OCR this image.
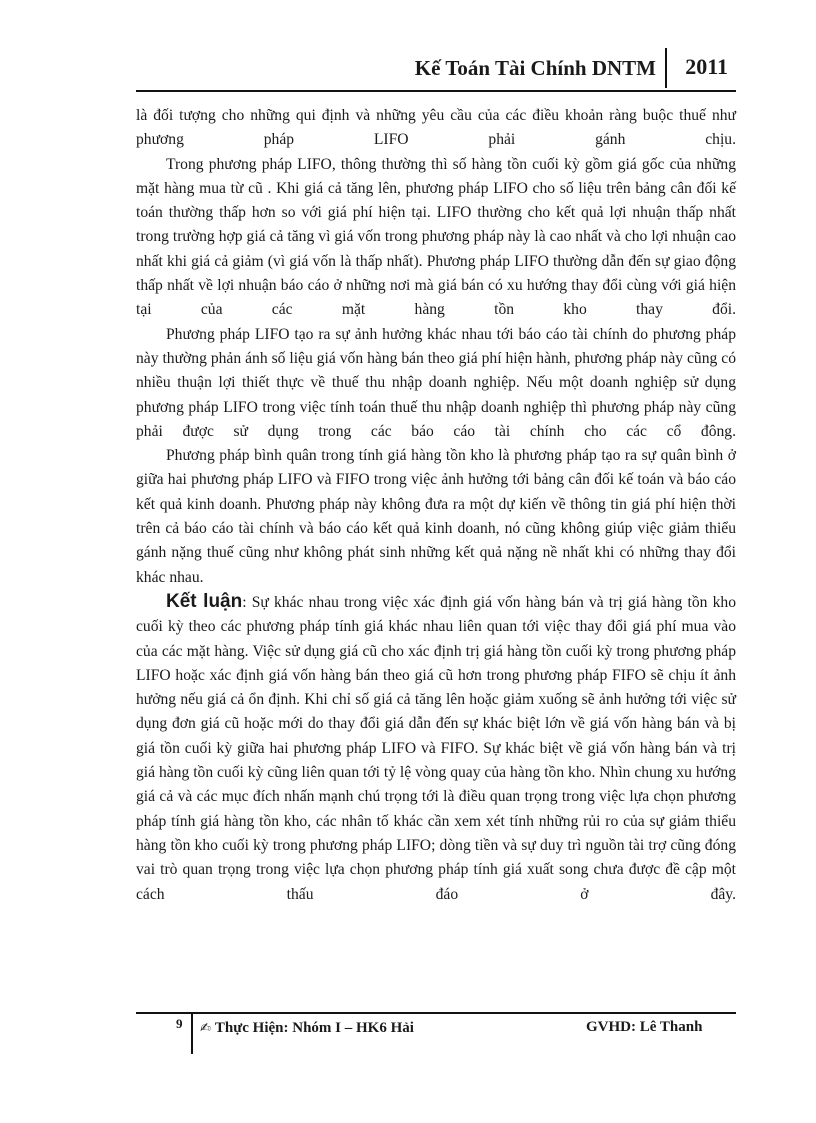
Kế Toán Tài Chính DNTM 2011

là đối tượng cho những qui định và những yêu cầu của các điều khoản ràng buộc thuế như phương pháp LIFO phải gánh chịu.

Trong phương pháp LIFO, thông thường thì số hàng tồn cuối kỳ gồm giá gốc của những mặt hàng mua từ cũ . Khi giá cả tăng lên, phương pháp LIFO cho số liệu trên bảng cân đối kế toán thường thấp hơn so với giá phí hiện tại. LIFO thường cho kết quả lợi nhuận thấp nhất trong trường hợp giá cả tăng vì giá vốn trong phương pháp này là cao nhất và cho lợi nhuận cao nhất khi giá cả giảm (vì giá vốn là thấp nhất). Phương pháp LIFO thường dẫn đến sự giao động thấp nhất về lợi nhuận báo cáo ở những nơi mà giá bán có xu hướng thay đổi cùng với giá hiện tại của các mặt hàng tồn kho thay đổi.

Phương pháp LIFO tạo ra sự ảnh hưởng khác nhau tới báo cáo tài chính do phương pháp này thường phản ánh số liệu giá vốn hàng bán theo giá phí hiện hành, phương pháp này cũng có nhiều thuận lợi thiết thực về thuế thu nhập doanh nghiệp. Nếu một doanh nghiệp sử dụng phương pháp LIFO trong việc tính toán thuế thu nhập doanh nghiệp thì phương pháp này cũng phải được sử dụng trong các báo cáo tài chính cho các cổ đông.

Phương pháp bình quân trong tính giá hàng tồn kho là phương pháp tạo ra sự quân bình ở giữa hai phương pháp LIFO và FIFO trong việc ảnh hưởng tới bảng cân đối kế toán và báo cáo kết quả kinh doanh. Phương pháp này không đưa ra một dự kiến về thông tin giá phí hiện thời trên cả báo cáo tài chính và báo cáo kết quả kinh doanh, nó cũng không giúp việc giảm thiểu gánh nặng thuế cũng như không phát sinh những kết quả nặng nề nhất khi có những thay đổi khác nhau.

Kết luận: Sự khác nhau trong việc xác định giá vốn hàng bán và trị giá hàng tồn kho cuối kỳ theo các phương pháp tính giá khác nhau liên quan tới việc thay đổi giá phí mua vào của các mặt hàng. Việc sử dụng giá cũ cho xác định trị giá hàng tồn cuối kỳ trong phương pháp LIFO hoặc xác định giá vốn hàng bán theo giá cũ hơn trong phương pháp FIFO sẽ chịu ít ảnh hưởng nếu giá cả ổn định. Khi chỉ số giá cả tăng lên hoặc giảm xuống sẽ ảnh hưởng tới việc sử dụng đơn giá cũ hoặc mới do thay đổi giá dẫn đến sự khác biệt lớn về giá vốn hàng bán và bị giá tồn cuối kỳ giữa hai phương pháp LIFO và FIFO. Sự khác biệt về giá vốn hàng bán và trị giá hàng tồn cuối kỳ cũng liên quan tới tỷ lệ vòng quay của hàng tồn kho. Nhìn chung xu hướng giá cả và các mục đích nhấn mạnh chú trọng tới là điều quan trọng trong việc lựa chọn phương pháp tính giá hàng tồn kho, các nhân tố khác cần xem xét tính những rủi ro của sự giảm thiểu hàng tồn kho cuối kỳ trong phương pháp LIFO; dòng tiền và sự duy trì nguồn tài trợ cũng đóng vai trò quan trọng trong việc lựa chọn phương pháp tính giá xuất song chưa được đề cập một cách thấu đáo ở đây.

9 ✍ Thực Hiện: Nhóm I – HK6 Hải	GVHD: Lê Thanh
